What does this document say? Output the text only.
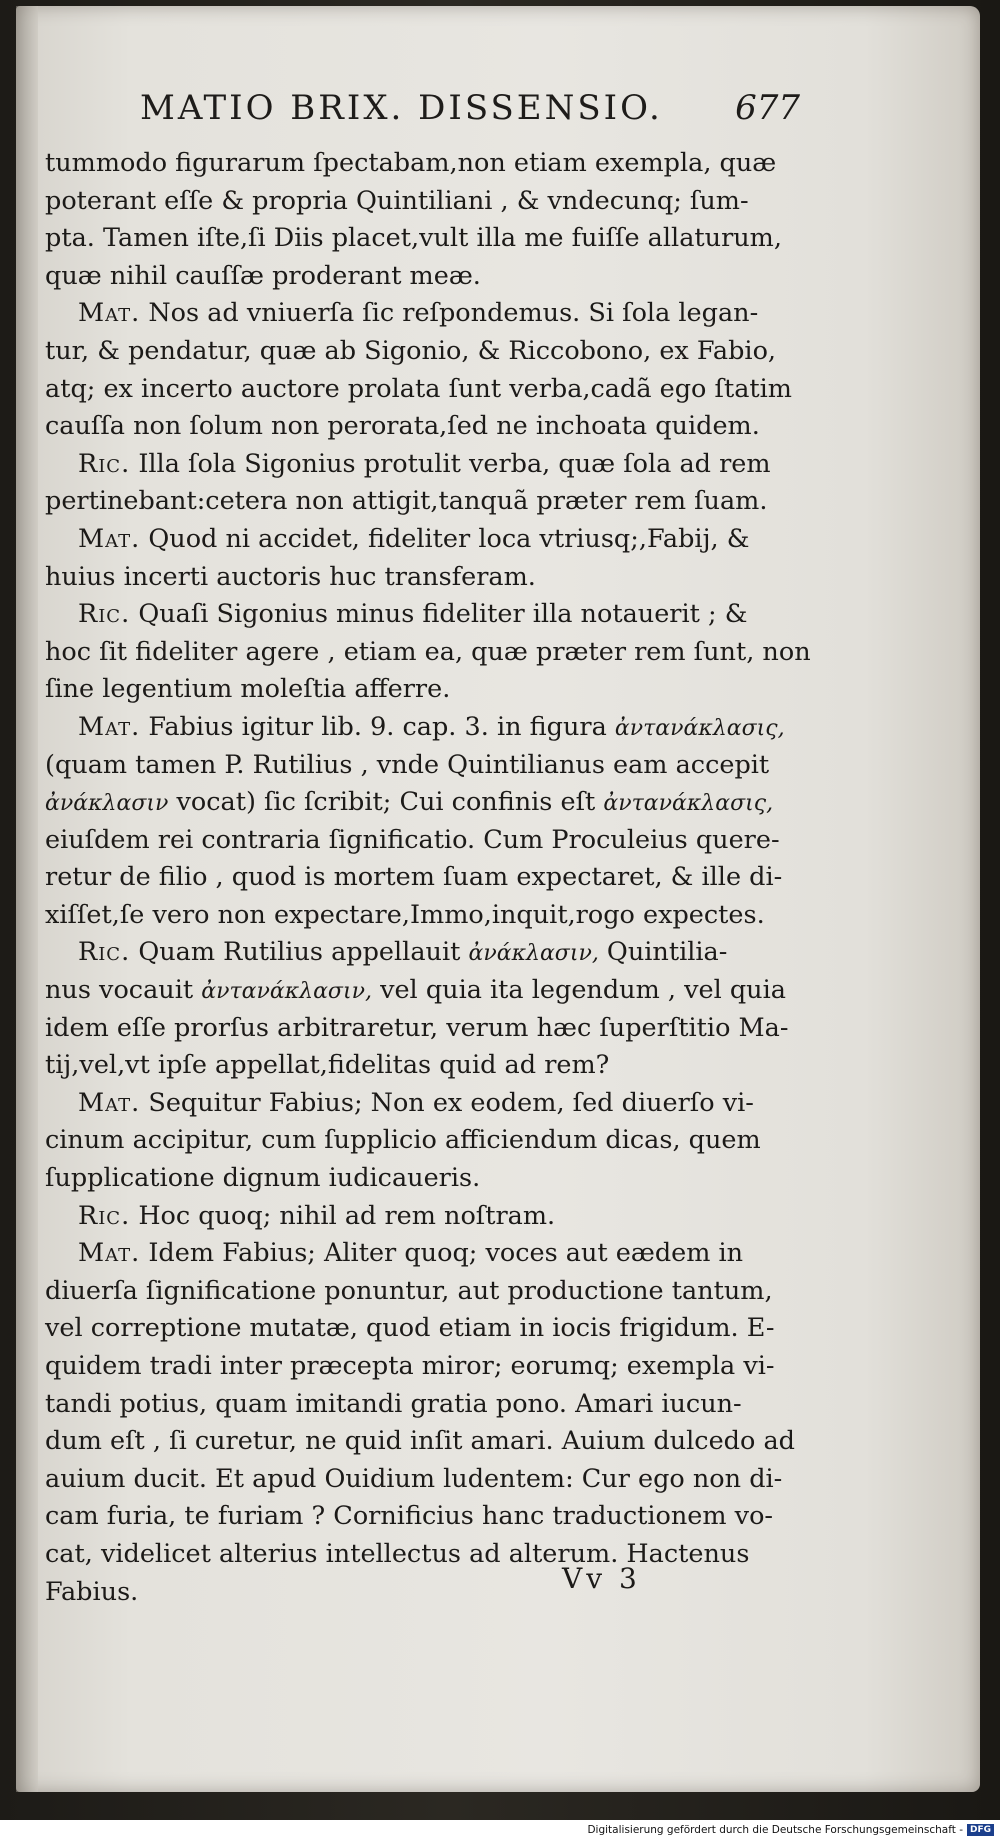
MATIO BRIX. DISSENSIO. 677
tummodo figurarum ſpectabam,non etiam exempla, quæ
poterant eſſe & propria Quintiliani , & vndecunq; ſum-
pta. Tamen iſte,ſi Diis placet,vult illa me fuiſſe allaturum,
quæ nihil cauſſæ proderant meæ.
Mat. Nos ad vniuerſa ſic reſpondemus. Si ſola legan-
tur, & pendatur, quæ ab Sigonio, & Riccobono, ex Fabio,
atq; ex incerto auctore prolata ſunt verba,cadã ego ſtatim
cauſſa non ſolum non perorata,ſed ne inchoata quidem.
Ric. Illa ſola Sigonius protulit verba, quæ ſola ad rem
pertinebant:cetera non attigit,tanquã præter rem ſuam.
Mat. Quod ni accidet, fideliter loca vtriusq;,Fabij, &
huius incerti auctoris huc transferam.
Ric. Quaſi Sigonius minus fideliter illa notauerit ; &
hoc ſit fideliter agere , etiam ea, quæ præter rem ſunt, non
ſine legentium moleſtia afferre.
Mat. Fabius igitur lib. 9. cap. 3. in figura ἀντανάκλασις,
(quam tamen P. Rutilius , vnde Quintilianus eam accepit
ἀνάκλασιν vocat) ſic ſcribit; Cui confinis eſt ἀντανάκλασις,
eiuſdem rei contraria ſignificatio. Cum Proculeius quere-
retur de filio , quod is mortem ſuam expectaret, & ille di-
xiſſet,ſe vero non expectare,Immo,inquit,rogo expectes.
Ric. Quam Rutilius appellauit ἀνάκλασιν, Quintilia-
nus vocauit ἀντανάκλασιν, vel quia ita legendum , vel quia
idem eſſe prorſus arbitraretur, verum hæc ſuperſtitio Ma-
tij,vel,vt ipſe appellat,fidelitas quid ad rem?
Mat. Sequitur Fabius; Non ex eodem, ſed diuerſo vi-
cinum accipitur, cum ſupplicio afficiendum dicas, quem
ſupplicatione dignum iudicaueris.
Ric. Hoc quoq; nihil ad rem noſtram.
Mat. Idem Fabius; Aliter quoq; voces aut eædem in
diuerſa ſignificatione ponuntur, aut productione tantum,
vel correptione mutatæ, quod etiam in iocis frigidum. E-
quidem tradi inter præcepta miror; eorumq; exempla vi-
tandi potius, quam imitandi gratia pono. Amari iucun-
dum eſt , ſi curetur, ne quid inſit amari. Auium dulcedo ad
auium ducit. Et apud Ouidium ludentem: Cur ego non di-
cam furia, te furiam ? Cornificius hanc traductionem vo-
cat, videlicet alterius intellectus ad alterum. Hactenus
Fabius.	Vv 3
Digitalisierung gefördert durch die Deutsche Forschungsgemeinschaft - DFG
